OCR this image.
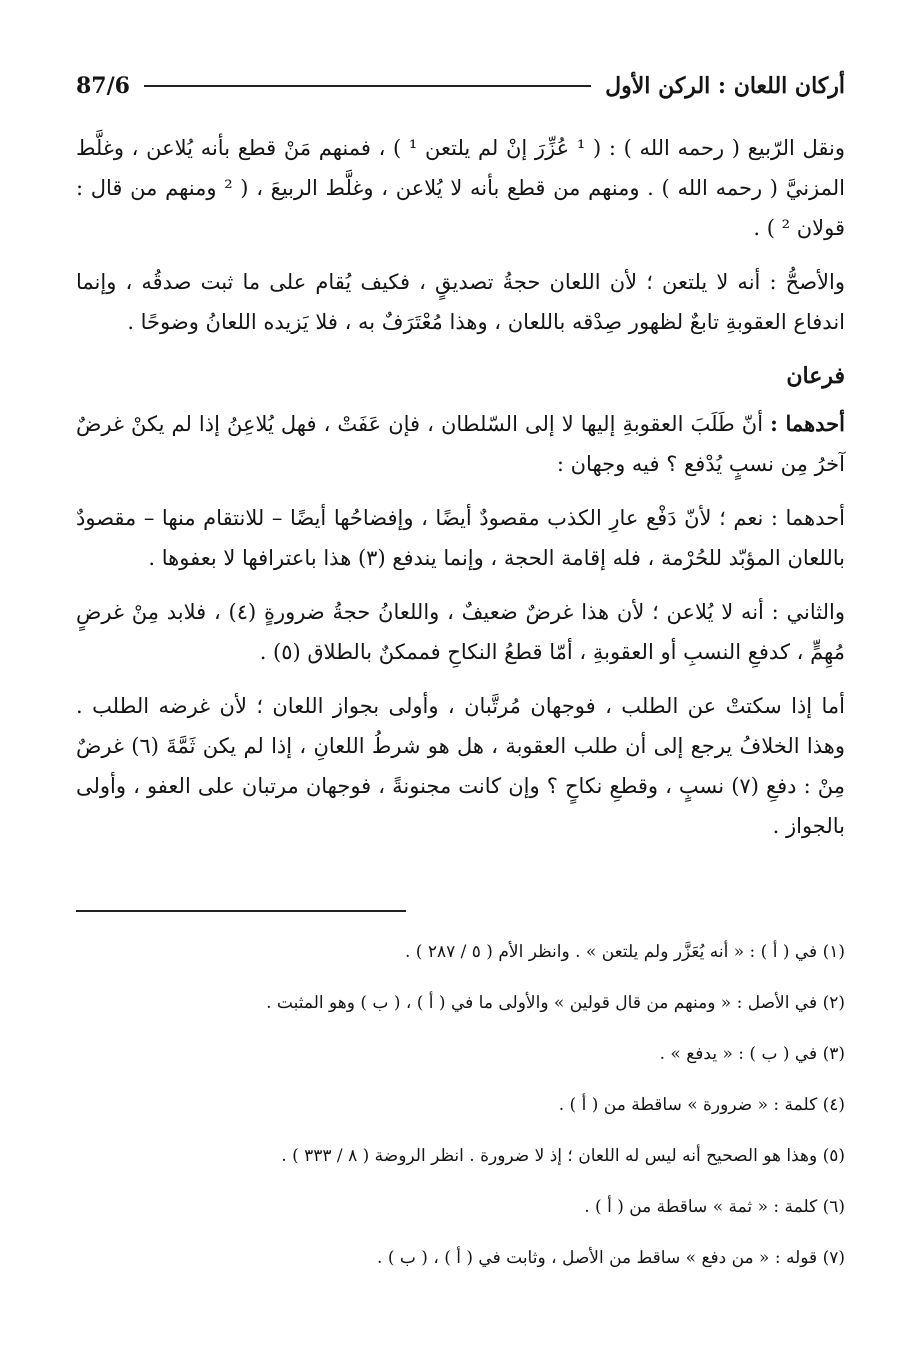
أركان اللعان : الركن الأول
87/6

ونقل الرّبيع ( رحمه الله ) : ( ¹ عُزِّرَ إنْ لم يلتعن ¹ ) ، فمنهم مَنْ قطع بأنه يُلاعن ، وغلَّط المزنيَّ ( رحمه الله ) . ومنهم من قطع بأنه لا يُلاعن ، وغلَّط الربيعَ ، ( ² ومنهم من قال : قولان ² ) .

والأصحُّ : أنه لا يلتعن ؛ لأن اللعان حجةُ تصديقٍ ، فكيف يُقام على ما ثبت صدقُه ، وإنما اندفاع العقوبةِ تابعٌ لظهور صِدْقه باللعان ، وهذا مُعْتَرَفٌ به ، فلا يَزيده اللعانُ وضوحًا .

فرعان

أحدهما : أنّ طَلَبَ العقوبةِ إليها لا إلى السّلطان ، فإن عَفَتْ ، فهل يُلاعِنُ إذا لم يكنْ غرضٌ آخرُ مِن نسبٍ يُدْفع ؟ فيه وجهان :

أحدهما : نعم ؛ لأنّ دَفْع عارِ الكذب مقصودٌ أيضًا ، وإفضاحُها أيضًا – للانتقام منها – مقصودٌ باللعان المؤبّد للحُرْمة ، فله إقامة الحجة ، وإنما يندفع (٣) هذا باعترافها لا بعفوها .

والثاني : أنه لا يُلاعن ؛ لأن هذا غرضٌ ضعيفٌ ، واللعانُ حجةُ ضرورةٍ (٤) ، فلابد مِنْ غرضٍ مُهِمٍّ ، كدفعِ النسبِ أو العقوبةِ ، أمّا قطعُ النكاحِ فممكنٌ بالطلاق (٥) .

أما إذا سكتتْ عن الطلب ، فوجهان مُرتَّبان ، وأولى بجواز اللعان ؛ لأن غرضه الطلب . وهذا الخلافُ يرجع إلى أن طلب العقوبة ، هل هو شرطُ اللعانِ ، إذا لم يكن ثَمَّةَ (٦) غرضٌ مِنْ : دفعِ (٧) نسبٍ ، وقطعِ نكاحٍ ؟ وإن كانت مجنونةً ، فوجهان مرتبان على العفو ، وأولى بالجواز .

(١) في ( أ ) : « أنه يُعَزَّر ولم يلتعن » . وانظر الأم ( ٥ / ٢٨٧ ) .
(٢) في الأصل : « ومنهم من قال قولين » والأولى ما في ( أ ) ، ( ب ) وهو المثبت .
(٣) في ( ب ) : « يدفع » .
(٤) كلمة : « ضرورة » ساقطة من ( أ ) .
(٥) وهذا هو الصحيح أنه ليس له اللعان ؛ إذ لا ضرورة . انظر الروضة ( ٨ / ٣٣٣ ) .
(٦) كلمة : « ثمة » ساقطة من ( أ ) .
(٧) قوله : « من دفع » ساقط من الأصل ، وثابت في ( أ ) ، ( ب ) .
